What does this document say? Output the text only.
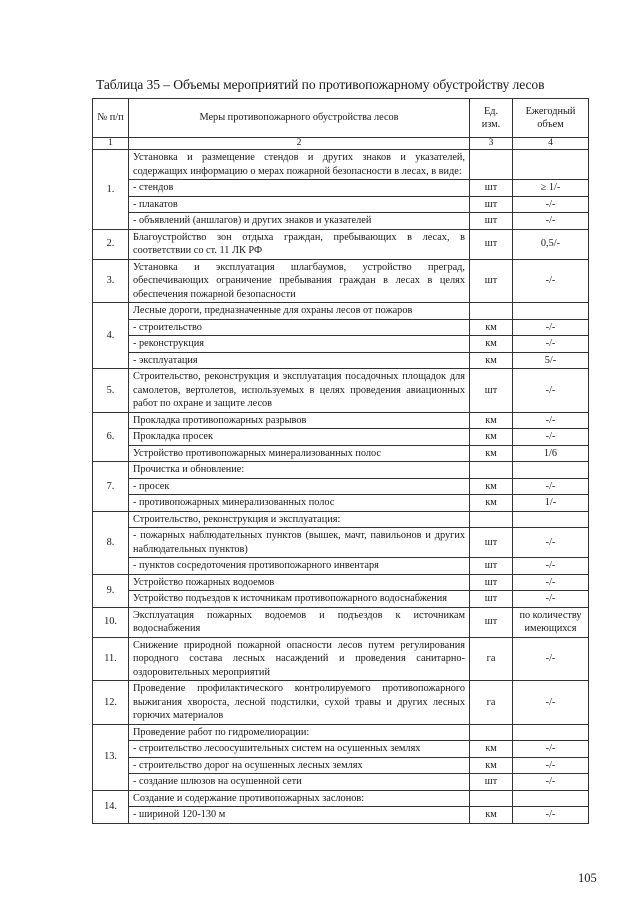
Таблица 35 – Объемы мероприятий по противопожарному обустройству лесов
№ п/п	Меры противопожарного обустройства лесов	Ед. изм.	Ежегодный объем
1	2	3	4
1.	Установка и размещение стендов и других знаков и указателей, содержащих информацию о мерах пожарной безопасности в лесах, в виде:		
	- стендов	шт	≥ 1/-
	- плакатов	шт	-/-
	- объявлений (аншлагов) и других знаков и указателей	шт	-/-
2.	Благоустройство зон отдыха граждан, пребывающих в лесах, в соответствии со ст. 11 ЛК РФ	шт	0,5/-
3.	Установка и эксплуатация шлагбаумов, устройство преград, обеспечивающих ограничение пребывания граждан в лесах в целях обеспечения пожарной безопасности	шт	-/-
4.	Лесные дороги, предназначенные для охраны лесов от пожаров		
	- строительство	км	-/-
	- реконструкция	км	-/-
	- эксплуатация	км	5/-
5.	Строительство, реконструкция и эксплуатация посадочных площадок для самолетов, вертолетов, используемых в целях проведения авиационных работ по охране и защите лесов	шт	-/-
6.	Прокладка противопожарных разрывов	км	-/-
	Прокладка просек	км	-/-
	Устройство противопожарных минерализованных полос	км	1/6
7.	Прочистка и обновление:		
	- просек	км	-/-
	- противопожарных минерализованных полос	км	1/-
8.	Строительство, реконструкция и эксплуатация:		
	- пожарных наблюдательных пунктов (вышек, мачт, павильонов и других наблюдательных пунктов)	шт	-/-
	- пунктов сосредоточения противопожарного инвентаря	шт	-/-
9.	Устройство пожарных водоемов	шт	-/-
	Устройство подъездов к источникам противопожарного водоснабжения	шт	-/-
10.	Эксплуатация пожарных водоемов и подъездов к источникам водоснабжения	шт	по количеству имеющихся
11.	Снижение природной пожарной опасности лесов путем регулирования породного состава лесных насаждений и проведения санитарно-оздоровительных мероприятий	га	-/-
12.	Проведение профилактического контролируемого противопожарного выжигания хвороста, лесной подстилки, сухой травы и других лесных горючих материалов	га	-/-
13.	Проведение работ по гидромелиорации:		
	- строительство лесоосушительных систем на осушенных землях	км	-/-
	- строительство дорог на осушенных лесных землях	км	-/-
	- создание шлюзов на осушенной сети	шт	-/-
14.	Создание и содержание противопожарных заслонов:		
	- шириной 120-130 м	км	-/-
105
